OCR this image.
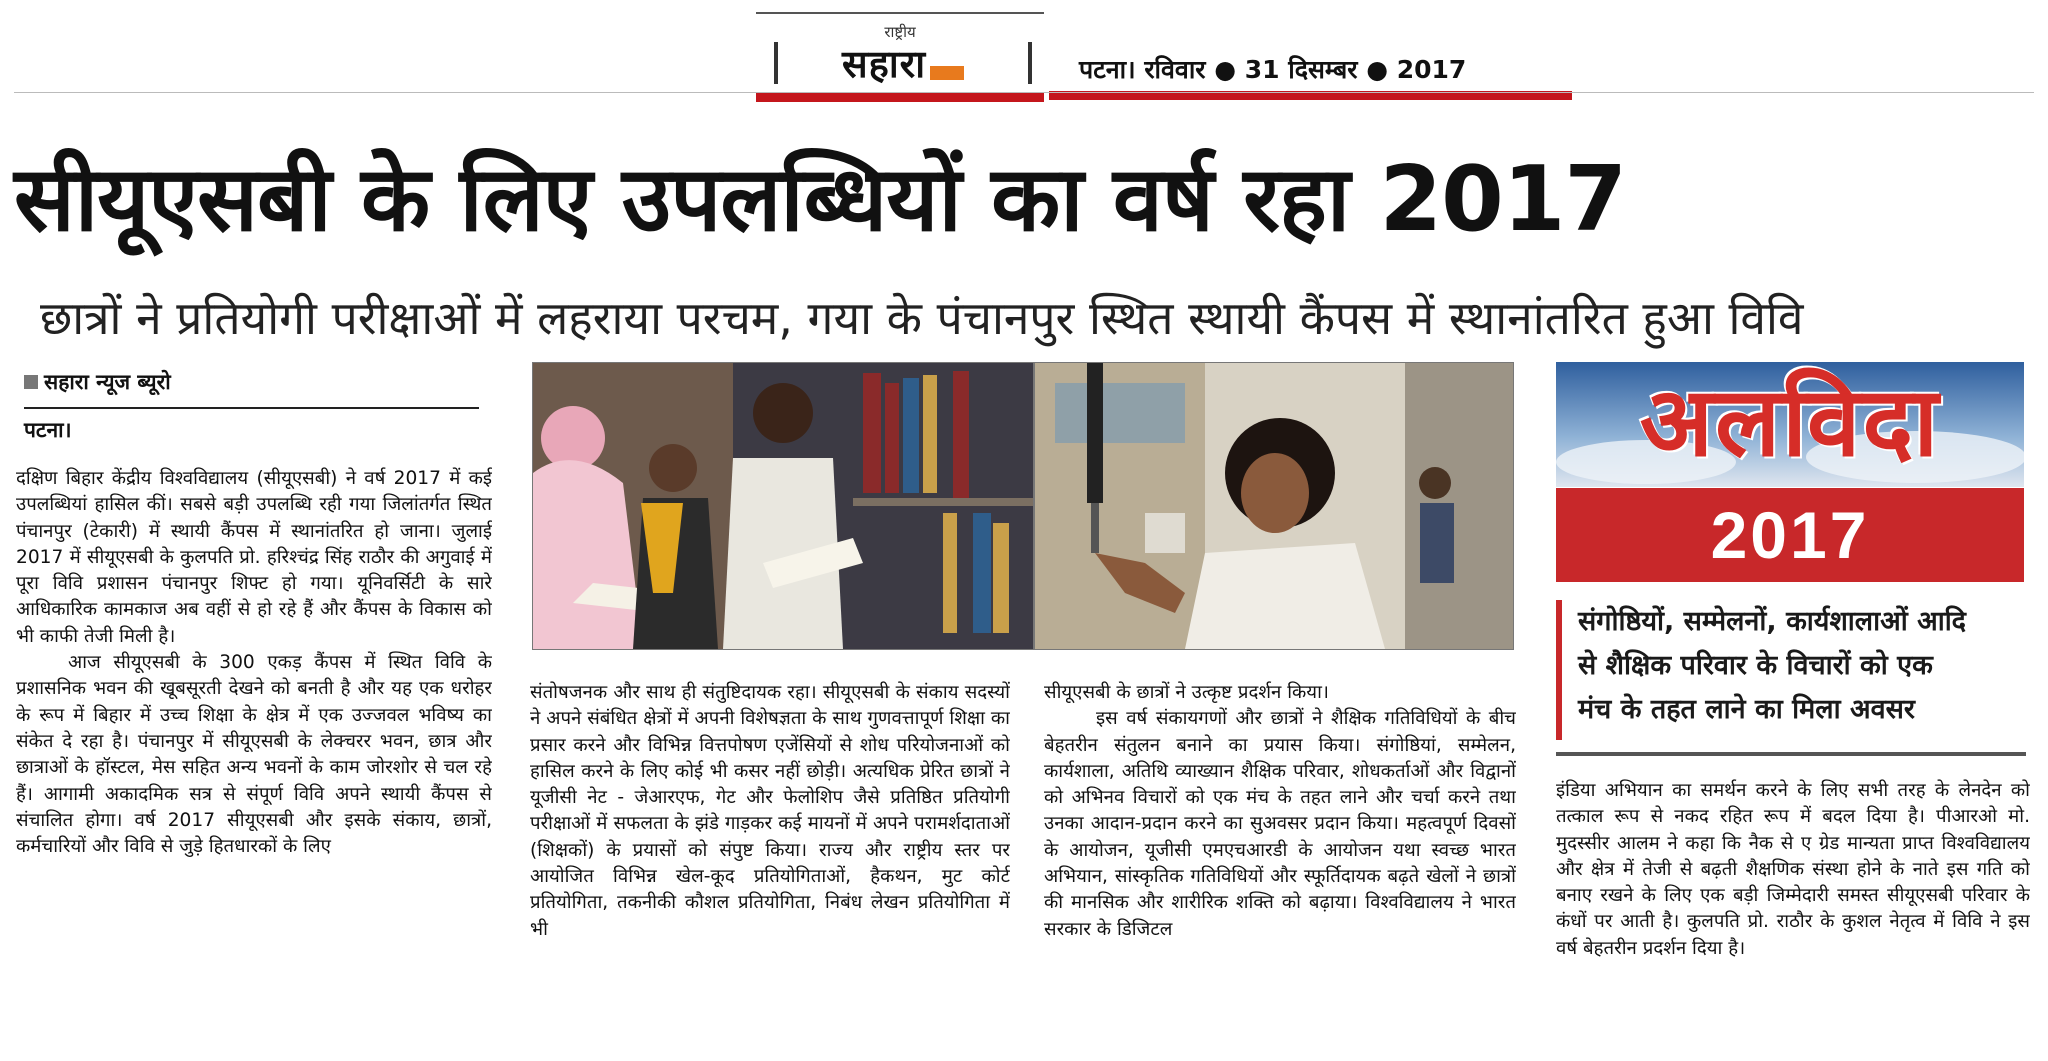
राष्ट्रीय
सहारा	पटना। रविवार ● 31 दिसम्बर ● 2017
सीयूएसबी के लिए उपलब्धियों का वर्ष रहा 2017
छात्रों ने प्रतियोगी परीक्षाओं में लहराया परचम, गया के पंचानपुर स्थित स्थायी कैंपस में स्थानांतरित हुआ विवि
सहारा न्यूज ब्यूरो
पटना।

दक्षिण बिहार केंद्रीय विश्वविद्यालय (सीयूएसबी) ने वर्ष 2017 में कई उपलब्धियां हासिल कीं। सबसे बड़ी उपलब्धि रही गया जिलांतर्गत स्थित पंचानपुर (टेकारी) में स्थायी कैंपस में स्थानांतरित हो जाना। जुलाई 2017 में सीयूएसबी के कुलपति प्रो. हरिश्चंद्र सिंह राठौर की अगुवाई में पूरा विवि प्रशासन पंचानपुर शिफ्ट हो गया। यूनिवर्सिटी के सारे आधिकारिक कामकाज अब वहीं से हो रहे हैं और कैंपस के विकास को भी काफी तेजी मिली है।

आज सीयूएसबी के 300 एकड़ कैंपस में स्थित विवि के प्रशासनिक भवन की खूबसूरती देखने को बनती है और यह एक धरोहर के रूप में बिहार में उच्च शिक्षा के क्षेत्र में एक उज्जवल भविष्य का संकेत दे रहा है। पंचानपुर में सीयूएसबी के लेक्चरर भवन, छात्र और छात्राओं के हॉस्टल, मेस सहित अन्य भवनों के काम जोरशोर से चल रहे हैं। आगामी अकादमिक सत्र से संपूर्ण विवि अपने स्थायी कैंपस से संचालित होगा। वर्ष 2017 सीयूएसबी और इसके संकाय, छात्रों, कर्मचारियों और विवि से जुड़े हितधारकों के लिए

संतोषजनक और साथ ही संतुष्टिदायक रहा। सीयूएसबी के संकाय सदस्यों ने अपने संबंधित क्षेत्रों में अपनी विशेषज्ञता के साथ गुणवत्तापूर्ण शिक्षा का प्रसार करने और विभिन्न वित्तपोषण एजेंसियों से शोध परियोजनाओं को हासिल करने के लिए कोई भी कसर नहीं छोड़ी। अत्यधिक प्रेरित छात्रों ने यूजीसी नेट - जेआरएफ, गेट और फेलोशिप जैसे प्रतिष्ठित प्रतियोगी परीक्षाओं में सफलता के झंडे गाड़कर कई मायनों में अपने परामर्शदाताओं (शिक्षकों) के प्रयासों को संपुष्ट किया। राज्य और राष्ट्रीय स्तर पर आयोजित विभिन्न खेल-कूद प्रतियोगिताओं, हैकथन, मुट कोर्ट प्रतियोगिता, तकनीकी कौशल प्रतियोगिता, निबंध लेखन प्रतियोगिता में भी

सीयूएसबी के छात्रों ने उत्कृष्ट प्रदर्शन किया।

इस वर्ष संकायगणों और छात्रों ने शैक्षिक गतिविधियों के बीच बेहतरीन संतुलन बनाने का प्रयास किया। संगोष्ठियां, सम्मेलन, कार्यशाला, अतिथि व्याख्यान शैक्षिक परिवार, शोधकर्ताओं और विद्वानों को अभिनव विचारों को एक मंच के तहत लाने और चर्चा करने तथा उनका आदान-प्रदान करने का सुअवसर प्रदान किया। महत्वपूर्ण दिवसों के आयोजन, यूजीसी एमएचआरडी के आयोजन यथा स्वच्छ भारत अभियान, सांस्कृतिक गतिविधियों और स्फूर्तिदायक बढ़ते खेलों ने छात्रों की मानसिक और शारीरिक शक्ति को बढ़ाया। विश्वविद्यालय ने भारत सरकार के डिजिटल

अलविदा
2017
संगोष्ठियों, सम्मेलनों, कार्यशालाओं आदि
से शैक्षिक परिवार के विचारों को एक
मंच के तहत लाने का मिला अवसर

इंडिया अभियान का समर्थन करने के लिए सभी तरह के लेनदेन को तत्काल रूप से नकद रहित रूप में बदल दिया है। पीआरओ मो. मुदस्सीर आलम ने कहा कि नैक से ए ग्रेड मान्यता प्राप्त विश्वविद्यालय और क्षेत्र में तेजी से बढ़ती शैक्षणिक संस्था होने के नाते इस गति को बनाए रखने के लिए एक बड़ी जिम्मेदारी समस्त सीयूएसबी परिवार के कंधों पर आती है। कुलपति प्रो. राठौर के कुशल नेतृत्व में विवि ने इस वर्ष बेहतरीन प्रदर्शन दिया है।
